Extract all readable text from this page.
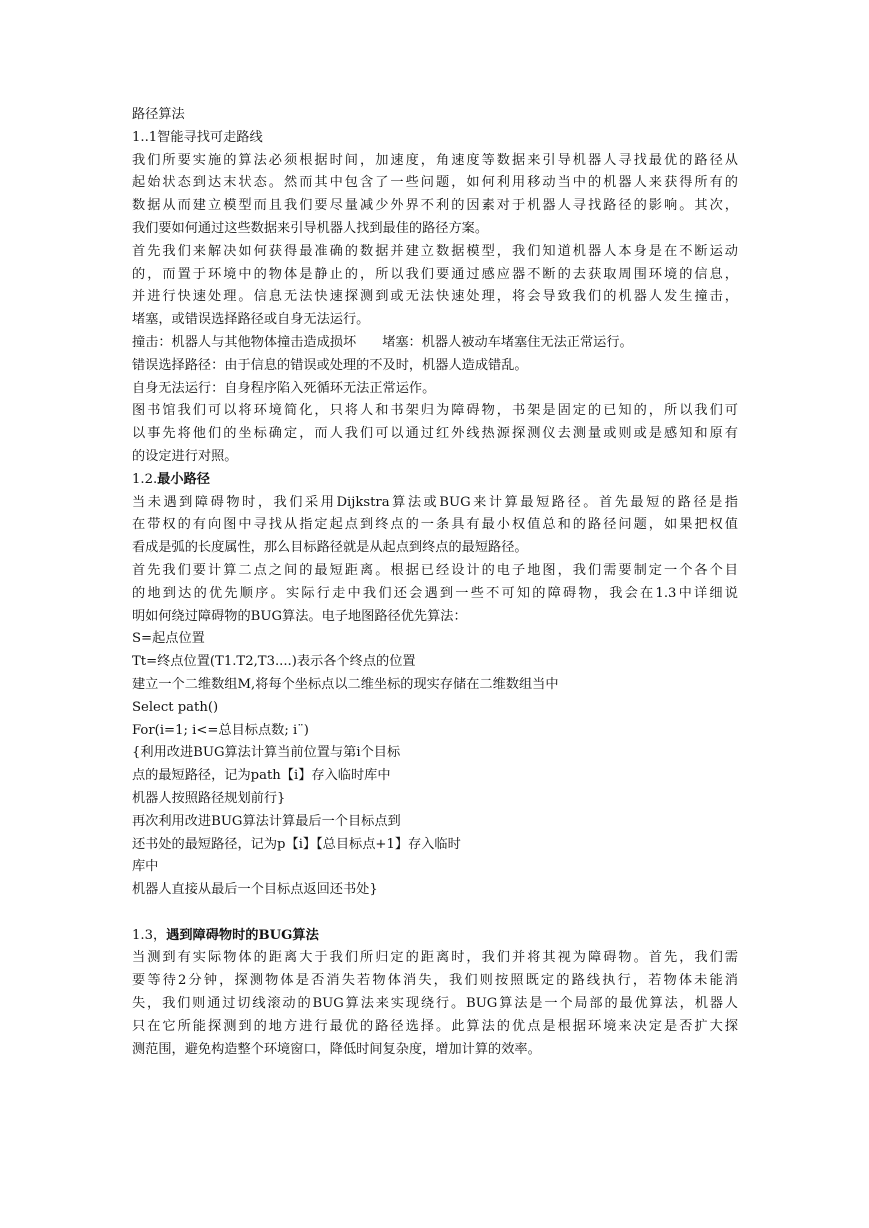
路径算法
1..1智能寻找可走路线
我们所要实施的算法必须根据时间，加速度，角速度等数据来引导机器人寻找最优的路径从
起始状态到达末状态。然而其中包含了一些问题，如何利用移动当中的机器人来获得所有的
数据从而建立模型而且我们要尽量减少外界不利的因素对于机器人寻找路径的影响。其次，
我们要如何通过这些数据来引导机器人找到最佳的路径方案。
首先我们来解决如何获得最准确的数据并建立数据模型，我们知道机器人本身是在不断运动
的，而置于环境中的物体是静止的，所以我们要通过感应器不断的去获取周围环境的信息，
并进行快速处理。信息无法快速探测到或无法快速处理，将会导致我们的机器人发生撞击，
堵塞，或错误选择路径或自身无法运行。
撞击：机器人与其他物体撞击造成损坏 堵塞：机器人被动车堵塞住无法正常运行。
错误选择路径：由于信息的错误或处理的不及时，机器人造成错乱。
自身无法运行：自身程序陷入死循环无法正常运作。
图书馆我们可以将环境简化，只将人和书架归为障碍物，书架是固定的已知的，所以我们可
以事先将他们的坐标确定，而人我们可以通过红外线热源探测仪去测量或则或是感知和原有
的设定进行对照。
1.2.最小路径
当未遇到障碍物时，我们采用Dijkstra算法或BUG来计算最短路径。首先最短的路径是指
在带权的有向图中寻找从指定起点到终点的一条具有最小权值总和的路径问题，如果把权值
看成是弧的长度属性，那么目标路径就是从起点到终点的最短路径。
首先我们要计算二点之间的最短距离。根据已经设计的电子地图，我们需要制定一个各个目
的地到达的优先顺序。实际行走中我们还会遇到一些不可知的障碍物，我会在1.3中详细说
明如何绕过障碍物的BUG算法。电子地图路径优先算法：
S=起点位置
Tt=终点位置(T1.T2,T3....)表示各个终点的位置
建立一个二维数组M,将每个坐标点以二维坐标的现实存储在二维数组当中
Select path()
For(i=1; i<=总目标点数; i¨)
{利用改进BUG算法计算当前位置与第i个目标
点的最短路径，记为path【i】存入临时库中
机器人按照路径规划前行}
再次利用改进BUG算法计算最后一个目标点到
还书处的最短路径，记为p【i】【总目标点+1】存入临时
库中
机器人直接从最后一个目标点返回还书处}
1.3，遇到障碍物时的BUG算法
当测到有实际物体的距离大于我们所归定的距离时，我们并将其视为障碍物。首先，我们需
要等待2分钟，探测物体是否消失若物体消失，我们则按照既定的路线执行，若物体未能消
失，我们则通过切线滚动的BUG算法来实现绕行。BUG算法是一个局部的最优算法，机器人
只在它所能探测到的地方进行最优的路径选择。此算法的优点是根据环境来决定是否扩大探
测范围，避免构造整个环境窗口，降低时间复杂度，增加计算的效率。
